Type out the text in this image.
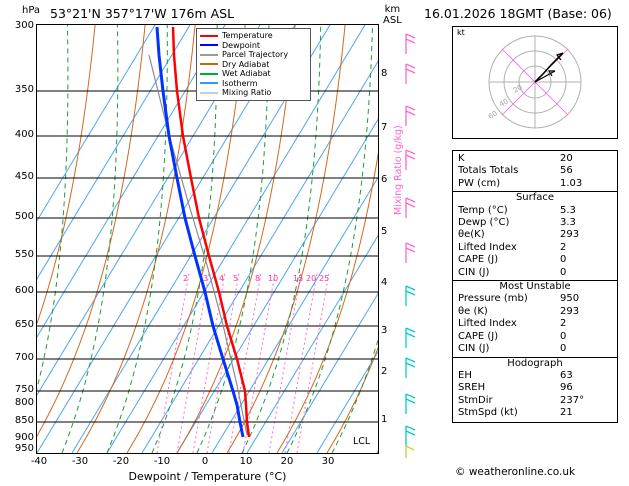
hPa 53°21'N 357°17'W 176m ASL	km
ASL 16.01.2026 18GMT (Base: 06)
2 3 4 5 8 10 15 20 25
Temperature
Dewpoint
Parcel Trajectory
Dry Adiabat
Wet Adiabat
Isotherm
Mixing Ratio
300
350
400
450
500
550
600
650
700
750
800
850
900
950
-40	-30	-20	-10	0	10	20	30
Dewpoint / Temperature (°C)
1
2
3
4
5
6
7
8
Mixing Ratio (g/kg)
LCL
20
40
60
kt
K	20
Totals Totals	56
PW (cm)	1.03
Surface
Temp (°C)	5.3
Dewp (°C)	3.3
θe(K)	293
Lifted Index	2
CAPE (J)	0
CIN (J)	0
Most Unstable
Pressure (mb)	950
θe (K)	293
Lifted Index	2
CAPE (J)	0
CIN (J)	0
Hodograph
EH	63
SREH	96
StmDir	237°
StmSpd (kt)	21
© weatheronline.co.uk
